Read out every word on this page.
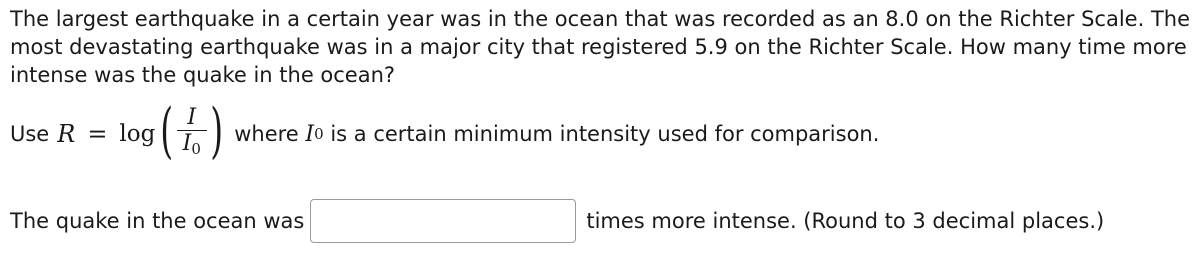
The largest earthquake in a certain year was in the ocean that was recorded as an 8.0 on the Richter Scale. The most devastating earthquake was in a major city that registered 5.9 on the Richter Scale. How many time more intense was the quake in the ocean?
Use R = log ( $\frac{I}{I_0}$ ) where I 0 is a certain minimum intensity used for comparison.
The quake in the ocean was	times more intense. (Round to 3 decimal places.)
